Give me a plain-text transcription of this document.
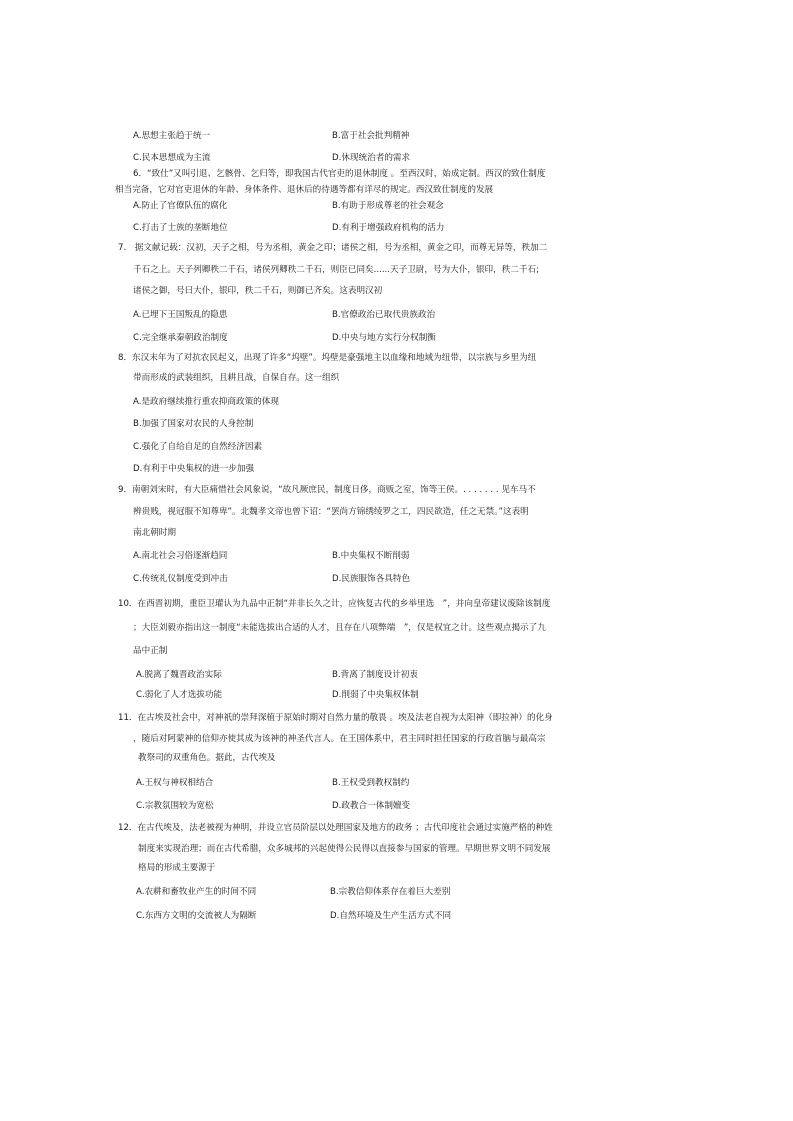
A.思想主张趋于统一	B.富于社会批判精神
C.民本思想成为主流	D.休现统治者的需求
6．“致仕”又叫引退、乞骸骨、乞归等，即我国古代官吏的退休制度 。至西汉时，始成定制。西汉的致仕制度
相当完备，它对官吏退休的年龄、身体条件、退休后的待遇等都有详尽的规定。西汉致仕制度的发展
A.防止了官僚队伍的腐化	B.有助于形成尊老的社会观念
C.打击了士族的垄断地位	D.有利于增强政府机构的活力
7.　据文献记载：汉初，天子之相，号为丞相，黄金之印；诸侯之相，号为丞相，黄金之印，而尊无异等，秩加二
千石之上。天子列卿秩二千石，诸侯列卿秩二千石，则臣已同矣......天子卫尉，号为大仆，银印，秩二千石;
诸侯之御，号曰大仆，银印，秩二千石，则御已齐矣。这表明汉初
A.已埋下王国叛乱的隐患	B.官僚政治已取代贵族政治
C.完全继承秦朝政治制度	D.中央与地方实行分权制衡
8．东汉末年为了对抗农民起义，出现了许多“坞壁”。坞壁是豪强地主以血缘和地域为纽带，以宗族与乡里为纽
带而形成的武装组织，且耕且战，自保自存。这一组织
A.是政府继续推行重农抑商政策的体现
B.加强了国家对农民的人身控制
C.强化了自给自足的自然经济因素
D.有利于中央集权的进一步加强
9．南朝刘宋时，有大臣痛惜社会风象说，“故凡厥庶民，制度日侈，商贩之室，饰等王侯。. . . . . . . 见车马不
辨贵贱，视冠服不知尊卑”。北魏孝文帝也曾下诏：“罢尚方锦绣绫罗之工，四民欲造，任之无禁。”这表明
南北朝时期
A.南北社会习俗逐渐趋同	B.中央集权不断削弱
C.传统礼仪制度受到冲击	D.民族服饰各具特色
10．在西晋初期，重臣卫瓘认为九品中正制“并非长久之计，应恢复古代的乡举里选　”，并向皇帝建议废除该制度
；大臣刘毅亦指出这一制度“未能选拔出合适的人才，且存在八项弊端　”，仅是权宜之计。这些观点揭示了九
品中正制
A.脱离了魏晋政治实际	B.背离了制度设计初衷
C.弱化了人才选拔功能	D.削弱了中央集权体制
11．在古埃及社会中，对神祇的崇拜深植于原始时期对自然力量的敬畏 。埃及法老自视为太阳神（即拉神）的化身
，随后对阿蒙神的信仰亦使其成为该神的神圣代言人。在王国体系中，君主同时担任国家的行政首脑与最高宗
教祭司的双重角色。据此，古代埃及
A.王权与神权相结合	B.王权受到教权制约
C.宗教氛围较为宽松	D.政教合一体制嬗变
12．在古代埃及，法老被视为神明，并设立官员阶层以处理国家及地方的政务 ；古代印度社会通过实施严格的种姓
制度来实现治理；而在古代希腊，众多城邦的兴起使得公民得以直接参与国家的管理。早期世界文明不同发展
格局的形成主要源于
A.农耕和畜牧业产生的时间不同	B.宗教信仰体系存在着巨大差别
C.东西方文明的交流被人为隔断	D.自然环境及生产生活方式不同
